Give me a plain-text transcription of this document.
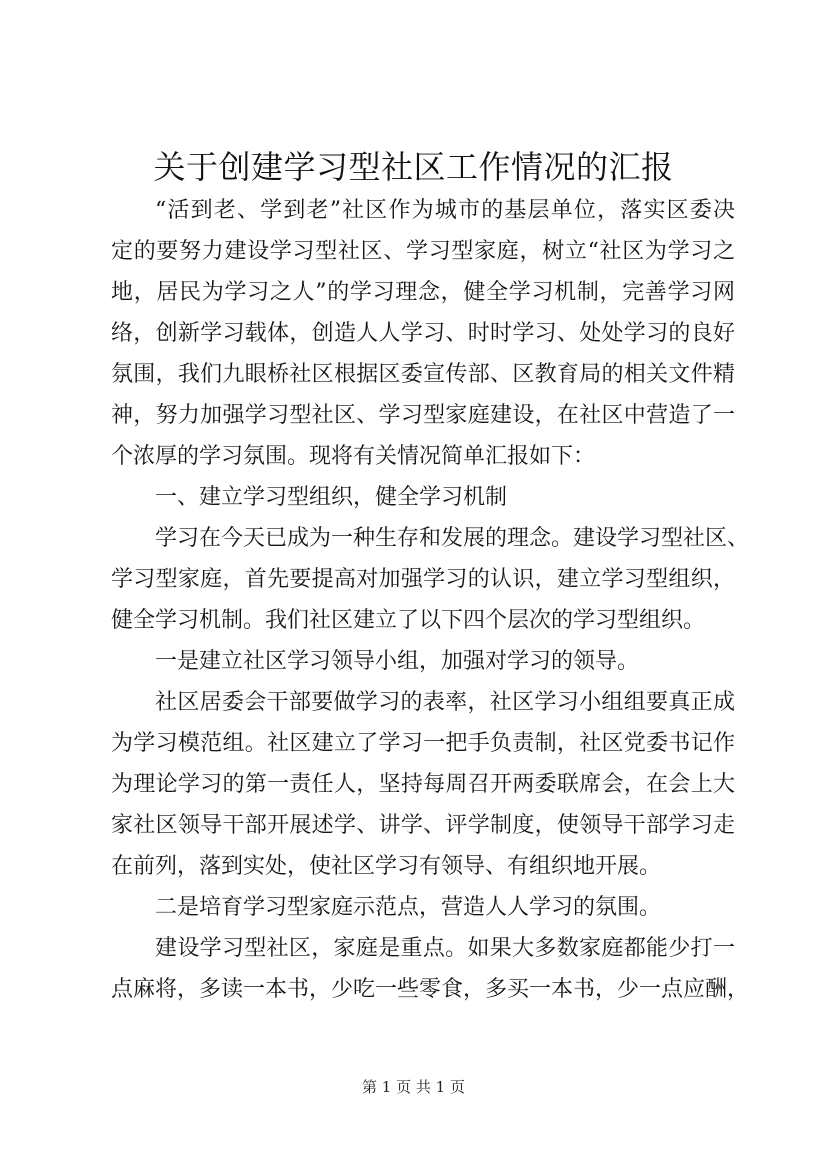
关于创建学习型社区工作情况的汇报
“活到老、学到老”社区作为城市的基层单位，落实区委决
定的要努力建设学习型社区、学习型家庭，树立“社区为学习之
地，居民为学习之人”的学习理念，健全学习机制，完善学习网
络，创新学习载体，创造人人学习、时时学习、处处学习的良好
氛围，我们九眼桥社区根据区委宣传部、区教育局的相关文件精
神，努力加强学习型社区、学习型家庭建设，在社区中营造了一
个浓厚的学习氛围。现将有关情况简单汇报如下：
一、建立学习型组织，健全学习机制
学习在今天已成为一种生存和发展的理念。建设学习型社区、
学习型家庭，首先要提高对加强学习的认识，建立学习型组织，
健全学习机制。我们社区建立了以下四个层次的学习型组织。
一是建立社区学习领导小组，加强对学习的领导。
社区居委会干部要做学习的表率，社区学习小组组要真正成
为学习模范组。社区建立了学习一把手负责制，社区党委书记作
为理论学习的第一责任人，坚持每周召开两委联席会，在会上大
家社区领导干部开展述学、讲学、评学制度，使领导干部学习走
在前列，落到实处，使社区学习有领导、有组织地开展。
二是培育学习型家庭示范点，营造人人学习的氛围。
建设学习型社区，家庭是重点。如果大多数家庭都能少打一
点麻将，多读一本书，少吃一些零食，多买一本书，少一点应酬，
第 1 页 共 1 页
